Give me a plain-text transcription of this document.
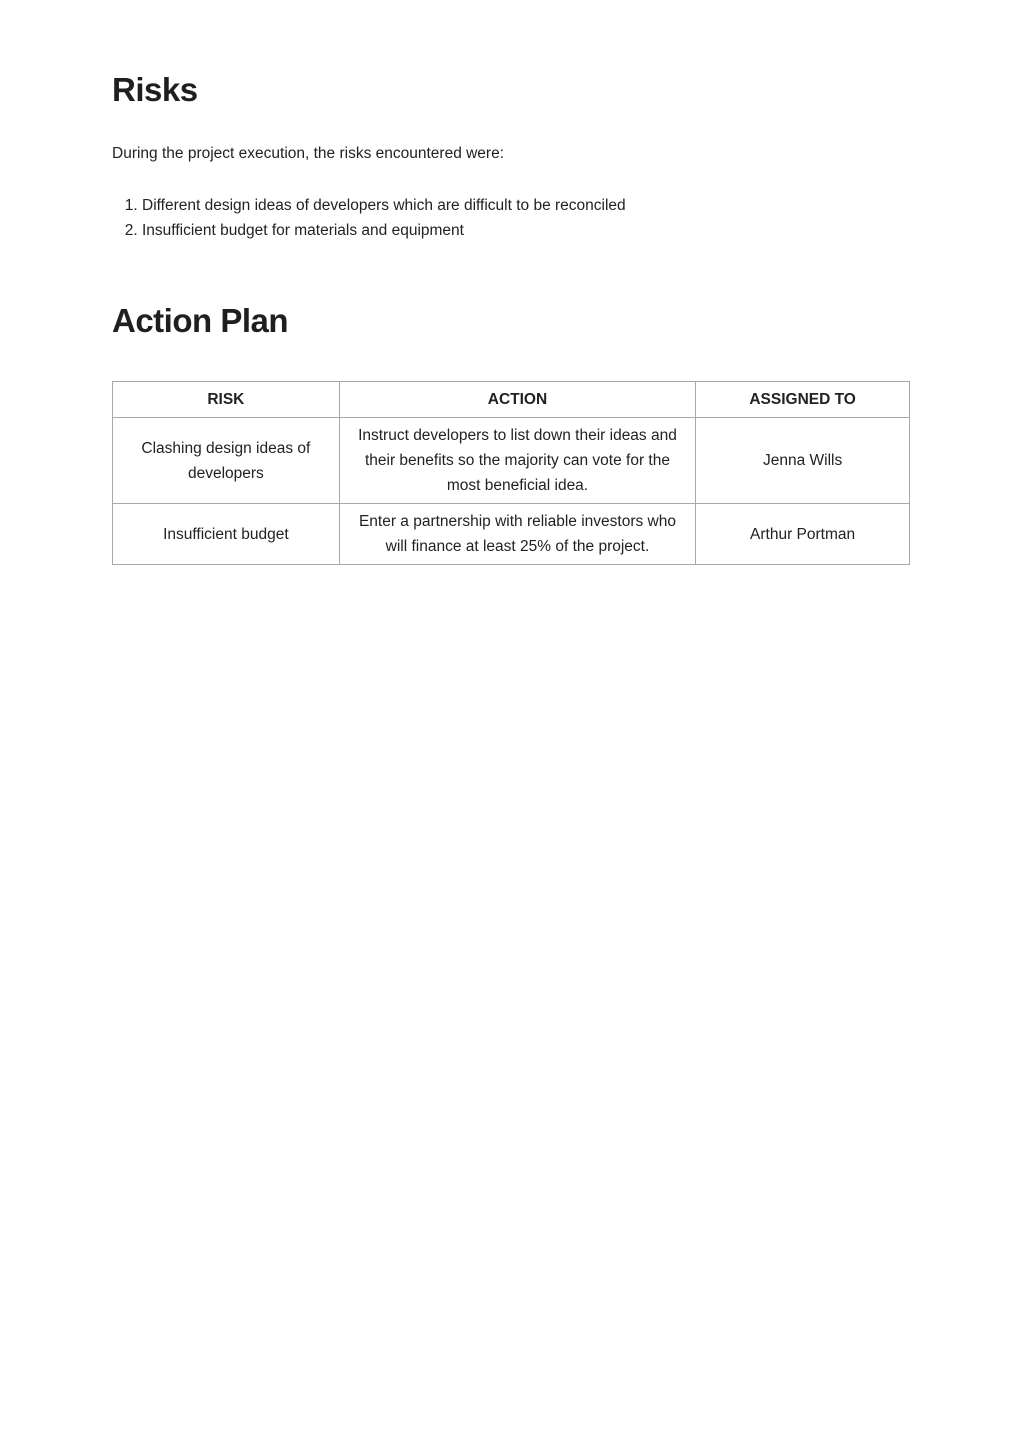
Risks

During the project execution, the risks encountered were:

1. Different design ideas of developers which are difficult to be reconciled
2. Insufficient budget for materials and equipment
Action Plan
RISK	ACTION	ASSIGNED TO
Clashing design ideas of developers	Instruct developers to list down their ideas and their benefits so the majority can vote for the most beneficial idea.	Jenna Wills
Insufficient budget	Enter a partnership with reliable investors who will finance at least 25% of the project.	Arthur Portman
